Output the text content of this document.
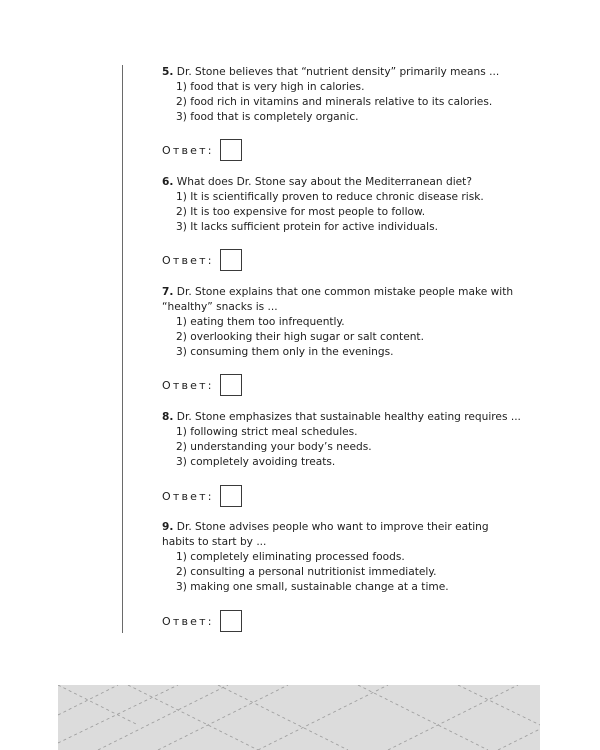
5. Dr. Stone believes that “nutrient density” primarily means ...

1) food that is very high in calories.
2) food rich in vitamins and minerals relative to its calories.
3) food that is completely organic.
Ответ:

6. What does Dr. Stone say about the Mediterranean diet?

1) It is scientifically proven to reduce chronic disease risk.
2) It is too expensive for most people to follow.
3) It lacks sufficient protein for active individuals.
Ответ:

7. Dr. Stone explains that one common mistake people make with
“healthy” snacks is ...

1) eating them too infrequently.
2) overlooking their high sugar or salt content.
3) consuming them only in the evenings.
Ответ:

8. Dr. Stone emphasizes that sustainable healthy eating requires ...

1) following strict meal schedules.
2) understanding your body’s needs.
3) completely avoiding treats.
Ответ:

9. Dr. Stone advises people who want to improve their eating
habits to start by ...

1) completely eliminating processed foods.
2) consulting a personal nutritionist immediately.
3) making one small, sustainable change at a time.
Ответ:
